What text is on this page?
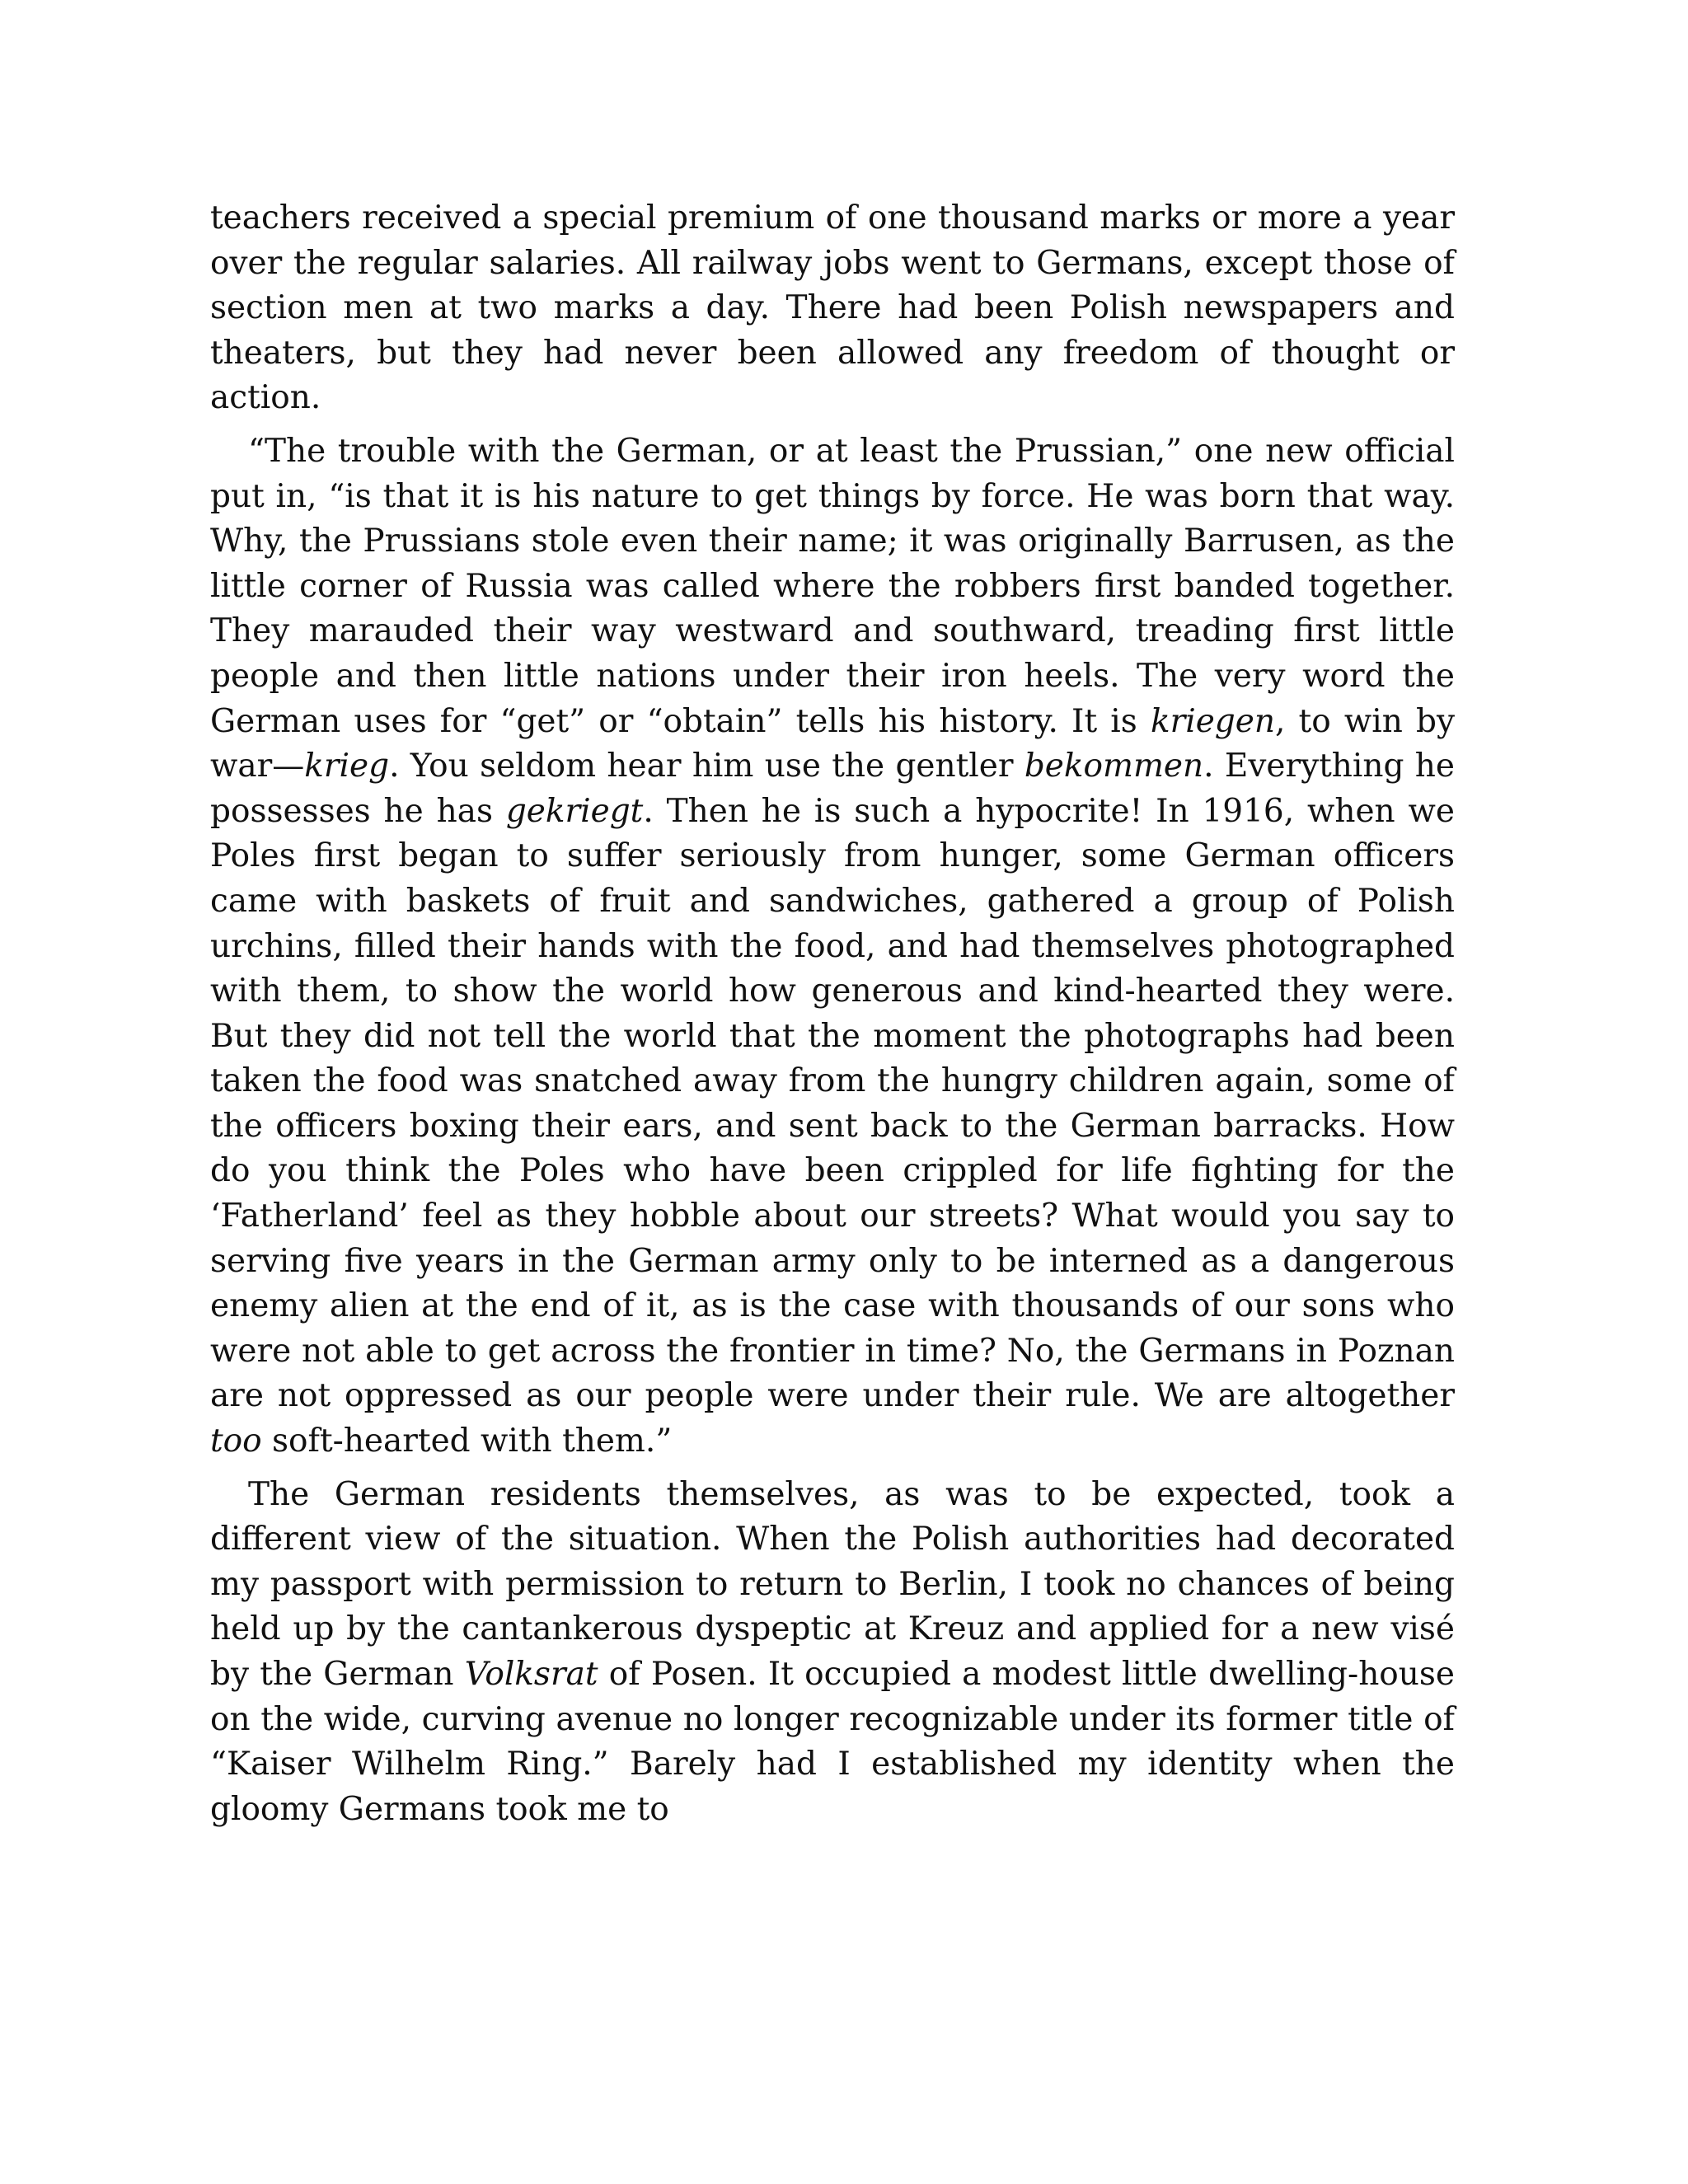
teachers received a special premium of one thousand marks or more a year over the regular salaries. All railway jobs went to Germans, except those of section men at two marks a day. There had been Polish newspapers and theaters, but they had never been allowed any freedom of thought or action.

“The trouble with the German, or at least the Prussian,” one new official put in, “is that it is his nature to get things by force. He was born that way. Why, the Prussians stole even their name; it was originally Barrusen, as the little corner of Russia was called where the robbers first banded together. They marauded their way westward and southward, treading first little people and then little nations under their iron heels. The very word the German uses for “get” or “obtain” tells his history. It is kriegen, to win by war—krieg. You seldom hear him use the gentler bekommen. Everything he possesses he has gekriegt. Then he is such a hypocrite! In 1916, when we Poles first began to suffer seriously from hunger, some German officers came with baskets of fruit and sandwiches, gathered a group of Polish urchins, filled their hands with the food, and had themselves photographed with them, to show the world how generous and kind-hearted they were. But they did not tell the world that the moment the photographs had been taken the food was snatched away from the hungry children again, some of the officers boxing their ears, and sent back to the German barracks. How do you think the Poles who have been crippled for life fighting for the ‘Fatherland’ feel as they hobble about our streets? What would you say to serving five years in the German army only to be interned as a dangerous enemy alien at the end of it, as is the case with thousands of our sons who were not able to get across the frontier in time? No, the Germans in Poznan are not oppressed as our people were under their rule. We are altogether too soft-hearted with them.”

The German residents themselves, as was to be expected, took a different view of the situation. When the Polish authorities had decorated my passport with permission to return to Berlin, I took no chances of being held up by the cantankerous dyspeptic at Kreuz and applied for a new visé by the German Volksrat of Posen. It occupied a modest little dwelling-house on the wide, curving avenue no longer recognizable under its former title of “Kaiser Wilhelm Ring.” Barely had I established my identity when the gloomy Germans took me to
